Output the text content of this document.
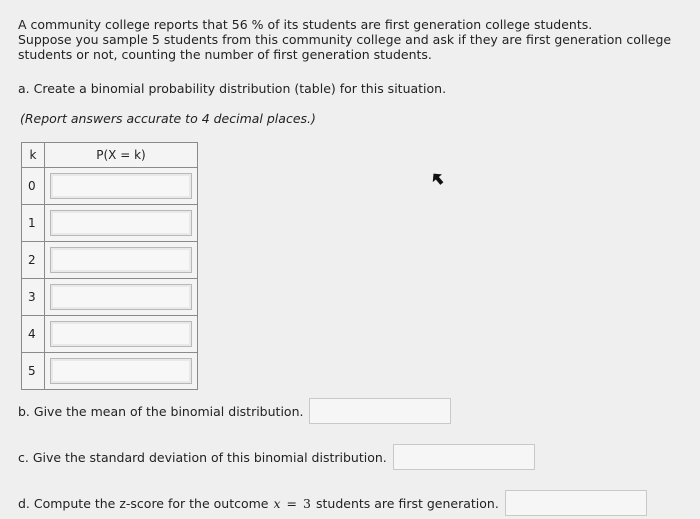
A community college reports that 56 % of its students are first generation college students.

Suppose you sample 5 students from this community college and ask if they are first generation college

students or not, counting the number of first generation students.

a. Create a binomial probability distribution (table) for this situation.
(Report answers accurate to 4 decimal places.)
k	P(X = k)
0	

1	

2	

3	

4	

5	
b. Give the mean of the binomial distribution.
c. Give the standard deviation of this binomial distribution.
d. Compute the z-score for the outcome x = 3 students are first generation.
